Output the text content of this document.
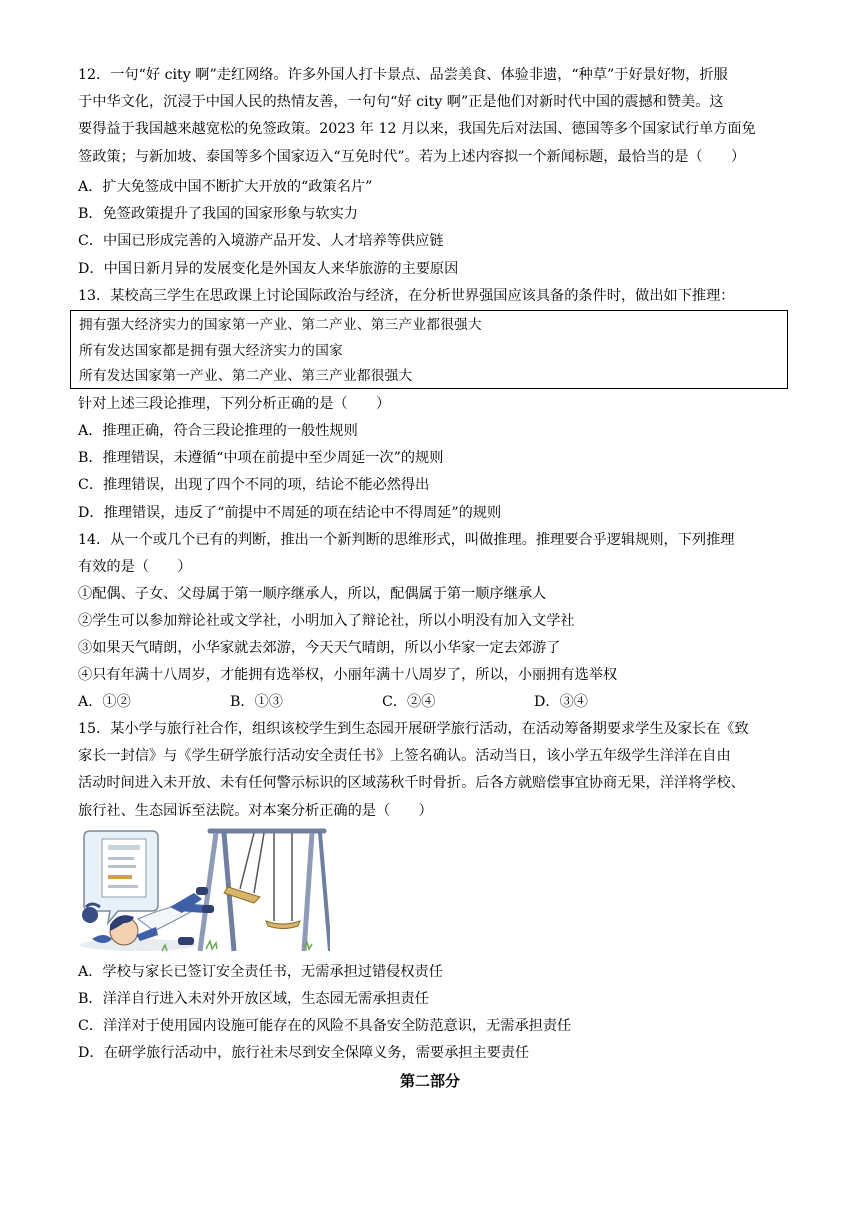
12．一句“好 city 啊”走红网络。许多外国人打卡景点、品尝美食、体验非遗，“种草”于好景好物，折服
于中华文化，沉浸于中国人民的热情友善，一句句“好 city 啊”正是他们对新时代中国的震撼和赞美。这
要得益于我国越来越宽松的免签政策。2023 年 12 月以来，我国先后对法国、德国等多个国家试行单方面免
签政策；与新加坡、泰国等多个国家迈入“互免时代”。若为上述内容拟一个新闻标题，最恰当的是（　　）
A．扩大免签成中国不断扩大开放的“政策名片”
B．免签政策提升了我国的国家形象与软实力
C．中国已形成完善的入境游产品开发、人才培养等供应链
D．中国日新月异的发展变化是外国友人来华旅游的主要原因
13．某校高三学生在思政课上讨论国际政治与经济，在分析世界强国应该具备的条件时，做出如下推理：
拥有强大经济实力的国家第一产业、第二产业、第三产业都很强大
所有发达国家都是拥有强大经济实力的国家
所有发达国家第一产业、第二产业、第三产业都很强大
针对上述三段论推理，下列分析正确的是（　　）
A．推理正确，符合三段论推理的一般性规则
B．推理错误，未遵循“中项在前提中至少周延一次”的规则
C．推理错误，出现了四个不同的项，结论不能必然得出
D．推理错误，违反了“前提中不周延的项在结论中不得周延”的规则
14．从一个或几个已有的判断，推出一个新判断的思维形式，叫做推理。推理要合乎逻辑规则，下列推理
有效的是（　　）
①配偶、子女、父母属于第一顺序继承人，所以，配偶属于第一顺序继承人
②学生可以参加辩论社或文学社，小明加入了辩论社，所以小明没有加入文学社
③如果天气晴朗，小华家就去郊游，今天天气晴朗，所以小华家一定去郊游了
④只有年满十八周岁，才能拥有选举权，小丽年满十八周岁了，所以，小丽拥有选举权
A．①②	B．①③	C．②④	D．③④
15．某小学与旅行社合作，组织该校学生到生态园开展研学旅行活动，在活动筹备期要求学生及家长在《致
家长一封信》与《学生研学旅行活动安全责任书》上签名确认。活动当日，该小学五年级学生洋洋在自由
活动时间进入未开放、未有任何警示标识的区域荡秋千时骨折。后各方就赔偿事宜协商无果，洋洋将学校、
旅行社、生态园诉至法院。对本案分析正确的是（　　）
A．学校与家长已签订安全责任书，无需承担过错侵权责任
B．洋洋自行进入未对外开放区域，生态园无需承担责任
C．洋洋对于使用园内设施可能存在的风险不具备安全防范意识，无需承担责任
D．在研学旅行活动中，旅行社未尽到安全保障义务，需要承担主要责任
第二部分
